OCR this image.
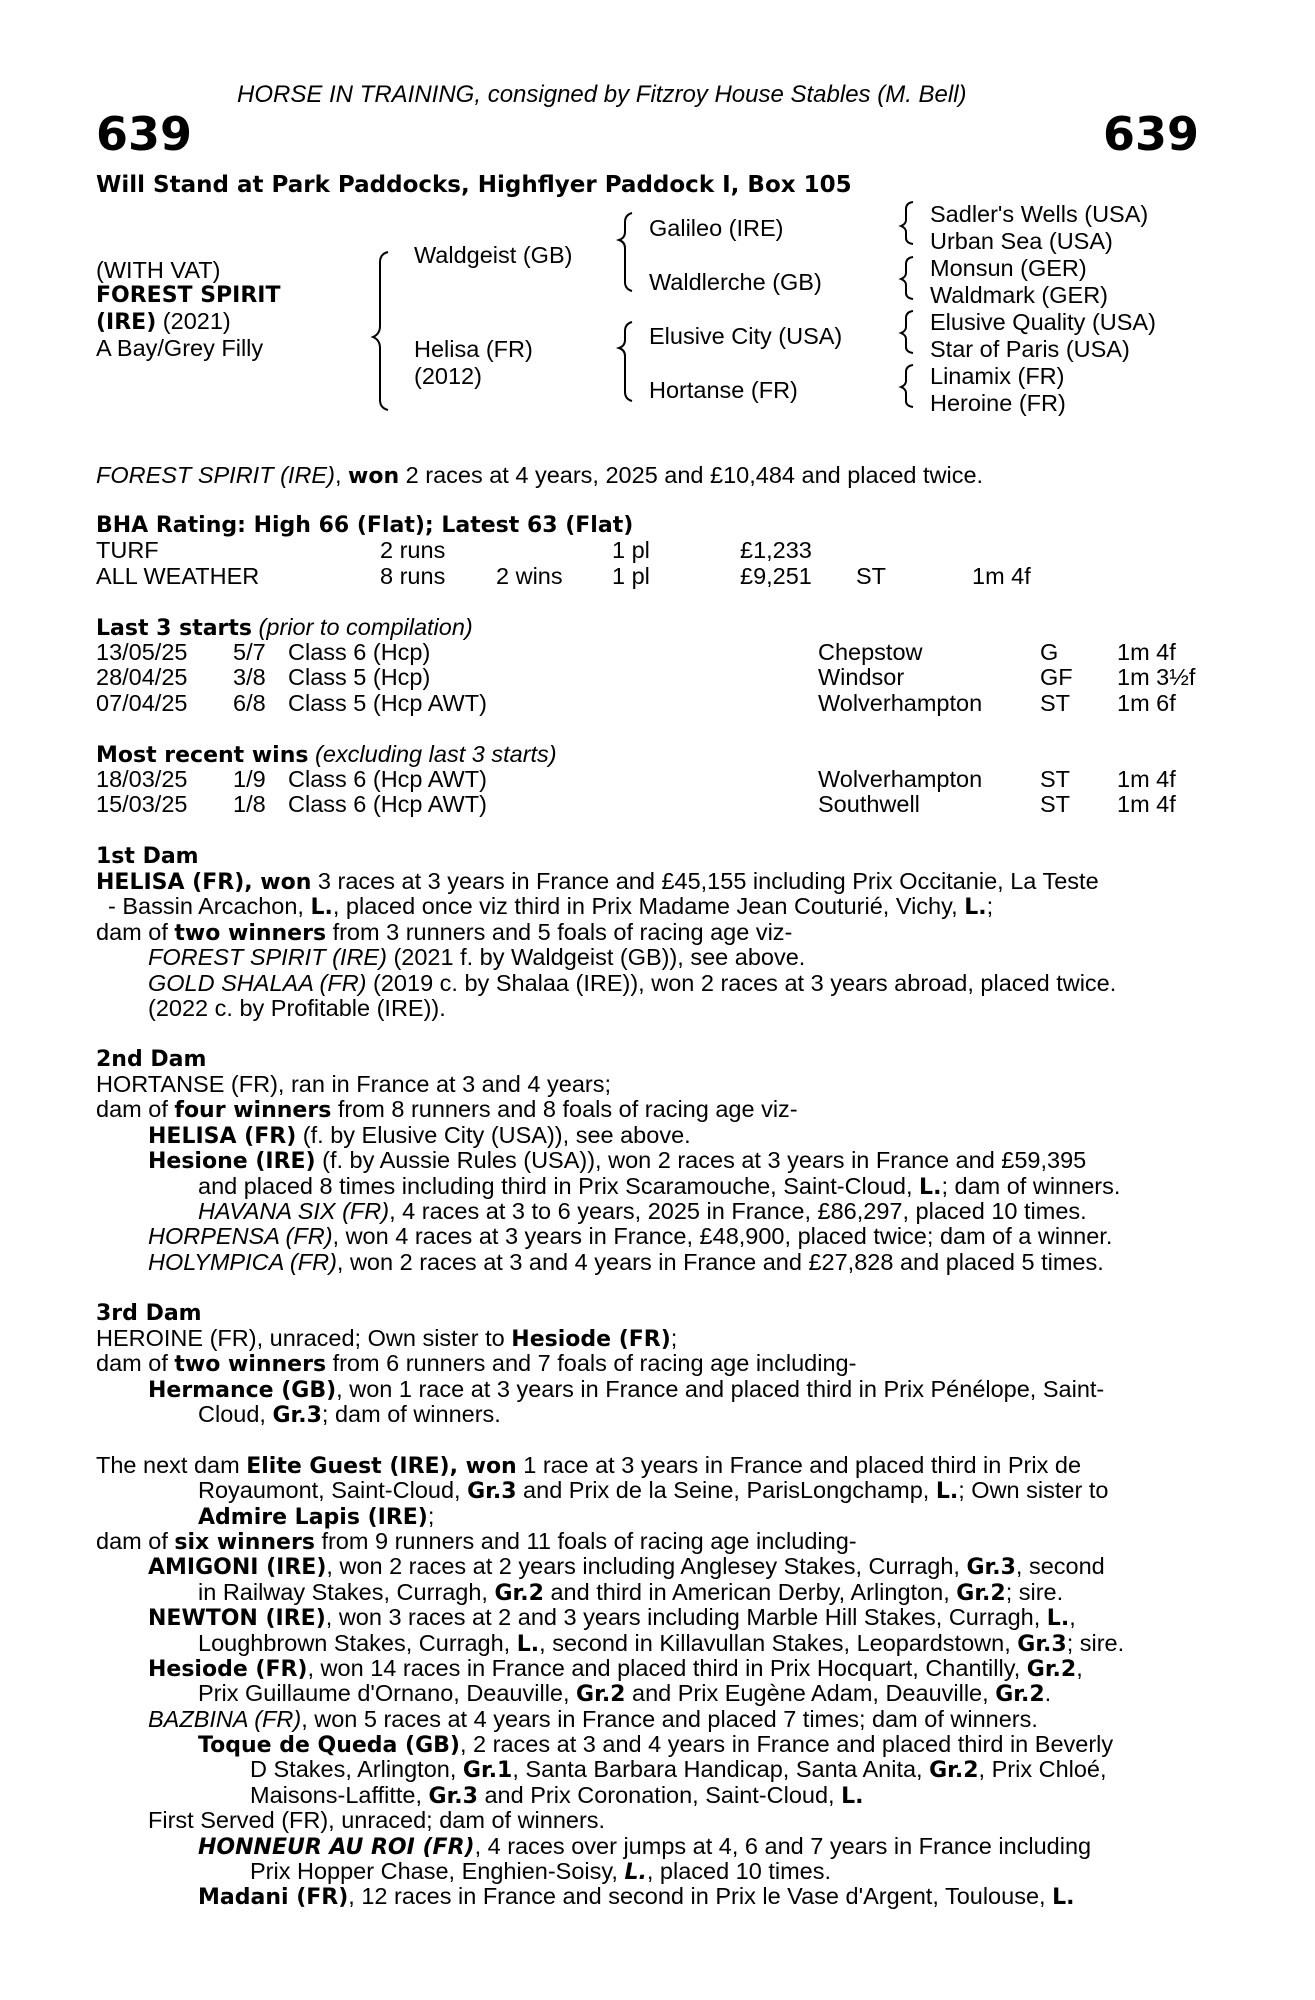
HORSE IN TRAINING, consigned by Fitzroy House Stables (M. Bell)
639	639
Will Stand at Park Paddocks, Highflyer Paddock I, Box 105
(WITH VAT)
FOREST SPIRIT
(IRE) (2021)
A Bay/Grey Filly
Waldgeist (GB)
Helisa (FR)
(2012)
Galileo (IRE)
Waldlerche (GB)
Elusive City (USA)
Hortanse (FR)
Sadler's Wells (USA)
Urban Sea (USA)
Monsun (GER)
Waldmark (GER)
Elusive Quality (USA)
Star of Paris (USA)
Linamix (FR)
Heroine (FR)
FOREST SPIRIT (IRE), won 2 races at 4 years, 2025 and £10,484 and placed twice.
BHA Rating: High 66 (Flat); Latest 63 (Flat)
TURF	2 runs	1 pl	£1,233
ALL WEATHER	8 runs 2 wins 1 pl	£9,251 ST	1m 4f
Last 3 starts (prior to compilation)
13/05/25 5/7 Class 6 (Hcp)	Chepstow	G 1m 4f
28/04/25 3/8 Class 5 (Hcp)	Windsor	GF 1m 3½f
07/04/25 6/8 Class 5 (Hcp AWT)	Wolverhampton ST 1m 6f
Most recent wins (excluding last 3 starts)
18/03/25 1/9 Class 6 (Hcp AWT)	Wolverhampton ST 1m 4f
15/03/25 1/8 Class 6 (Hcp AWT)	Southwell	ST 1m 4f
1st Dam
HELISA (FR), won 3 races at 3 years in France and £45,155 including Prix Occitanie, La Teste
- Bassin Arcachon, L., placed once viz third in Prix Madame Jean Couturié, Vichy, L.;
dam of two winners from 3 runners and 5 foals of racing age viz-
FOREST SPIRIT (IRE) (2021 f. by Waldgeist (GB)), see above.
GOLD SHALAA (FR) (2019 c. by Shalaa (IRE)), won 2 races at 3 years abroad, placed twice.
(2022 c. by Profitable (IRE)).
2nd Dam
HORTANSE (FR), ran in France at 3 and 4 years;
dam of four winners from 8 runners and 8 foals of racing age viz-
HELISA (FR) (f. by Elusive City (USA)), see above.
Hesione (IRE) (f. by Aussie Rules (USA)), won 2 races at 3 years in France and £59,395
and placed 8 times including third in Prix Scaramouche, Saint-Cloud, L.; dam of winners.
HAVANA SIX (FR), 4 races at 3 to 6 years, 2025 in France, £86,297, placed 10 times.
HORPENSA (FR), won 4 races at 3 years in France, £48,900, placed twice; dam of a winner.
HOLYMPICA (FR), won 2 races at 3 and 4 years in France and £27,828 and placed 5 times.
3rd Dam
HEROINE (FR), unraced; Own sister to Hesiode (FR);
dam of two winners from 6 runners and 7 foals of racing age including-
Hermance (GB), won 1 race at 3 years in France and placed third in Prix Pénélope, Saint-
Cloud, Gr.3; dam of winners.
The next dam Elite Guest (IRE), won 1 race at 3 years in France and placed third in Prix de
Royaumont, Saint-Cloud, Gr.3 and Prix de la Seine, ParisLongchamp, L.; Own sister to
Admire Lapis (IRE);
dam of six winners from 9 runners and 11 foals of racing age including-
AMIGONI (IRE), won 2 races at 2 years including Anglesey Stakes, Curragh, Gr.3, second
in Railway Stakes, Curragh, Gr.2 and third in American Derby, Arlington, Gr.2; sire.
NEWTON (IRE), won 3 races at 2 and 3 years including Marble Hill Stakes, Curragh, L.,
Loughbrown Stakes, Curragh, L., second in Killavullan Stakes, Leopardstown, Gr.3; sire.
Hesiode (FR), won 14 races in France and placed third in Prix Hocquart, Chantilly, Gr.2,
Prix Guillaume d'Ornano, Deauville, Gr.2 and Prix Eugène Adam, Deauville, Gr.2.
BAZBINA (FR), won 5 races at 4 years in France and placed 7 times; dam of winners.
Toque de Queda (GB), 2 races at 3 and 4 years in France and placed third in Beverly
D Stakes, Arlington, Gr.1, Santa Barbara Handicap, Santa Anita, Gr.2, Prix Chloé,
Maisons-Laffitte, Gr.3 and Prix Coronation, Saint-Cloud, L.
First Served (FR), unraced; dam of winners.
HONNEUR AU ROI (FR), 4 races over jumps at 4, 6 and 7 years in France including
Prix Hopper Chase, Enghien-Soisy, L., placed 10 times.
Madani (FR), 12 races in France and second in Prix le Vase d'Argent, Toulouse, L.
